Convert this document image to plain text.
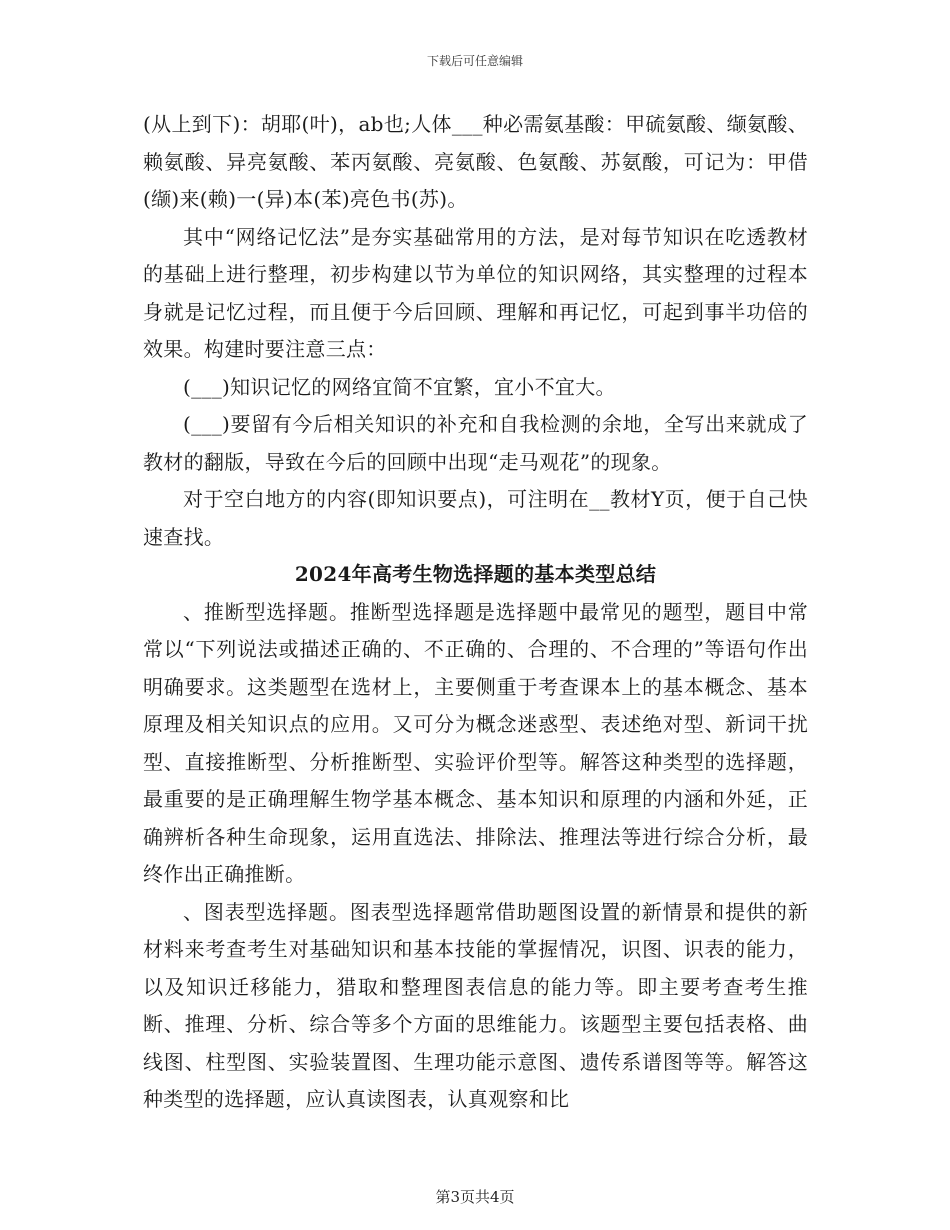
下载后可任意编辑

(从上到下)：胡耶(叶)，ab也;人体___种必需氨基酸：甲硫氨酸、缬氨酸、赖氨酸、异亮氨酸、苯丙氨酸、亮氨酸、色氨酸、苏氨酸，可记为：甲借(缬)来(赖)一(异)本(苯)亮色书(苏)。

其中“网络记忆法”是夯实基础常用的方法，是对每节知识在吃透教材的基础上进行整理，初步构建以节为单位的知识网络，其实整理的过程本身就是记忆过程，而且便于今后回顾、理解和再记忆，可起到事半功倍的效果。构建时要注意三点：

(___)知识记忆的网络宜简不宜繁，宜小不宜大。

(___)要留有今后相关知识的补充和自我检测的余地，全写出来就成了教材的翻版，导致在今后的回顾中出现“走马观花”的现象。

对于空白地方的内容(即知识要点)，可注明在__教材Y页，便于自己快速查找。

2024年高考生物选择题的基本类型总结

、推断型选择题。推断型选择题是选择题中最常见的题型，题目中常常以“下列说法或描述正确的、不正确的、合理的、不合理的”等语句作出明确要求。这类题型在选材上，主要侧重于考查课本上的基本概念、基本原理及相关知识点的应用。又可分为概念迷惑型、表述绝对型、新词干扰型、直接推断型、分析推断型、实验评价型等。解答这种类型的选择题，最重要的是正确理解生物学基本概念、基本知识和原理的内涵和外延，正确辨析各种生命现象，运用直选法、排除法、推理法等进行综合分析，最终作出正确推断。

、图表型选择题。图表型选择题常借助题图设置的新情景和提供的新材料来考查考生对基础知识和基本技能的掌握情况，识图、识表的能力，以及知识迁移能力，猎取和整理图表信息的能力等。即主要考查考生推断、推理、分析、综合等多个方面的思维能力。该题型主要包括表格、曲线图、柱型图、实验装置图、生理功能示意图、遗传系谱图等等。解答这种类型的选择题，应认真读图表，认真观察和比

第3页共4页
